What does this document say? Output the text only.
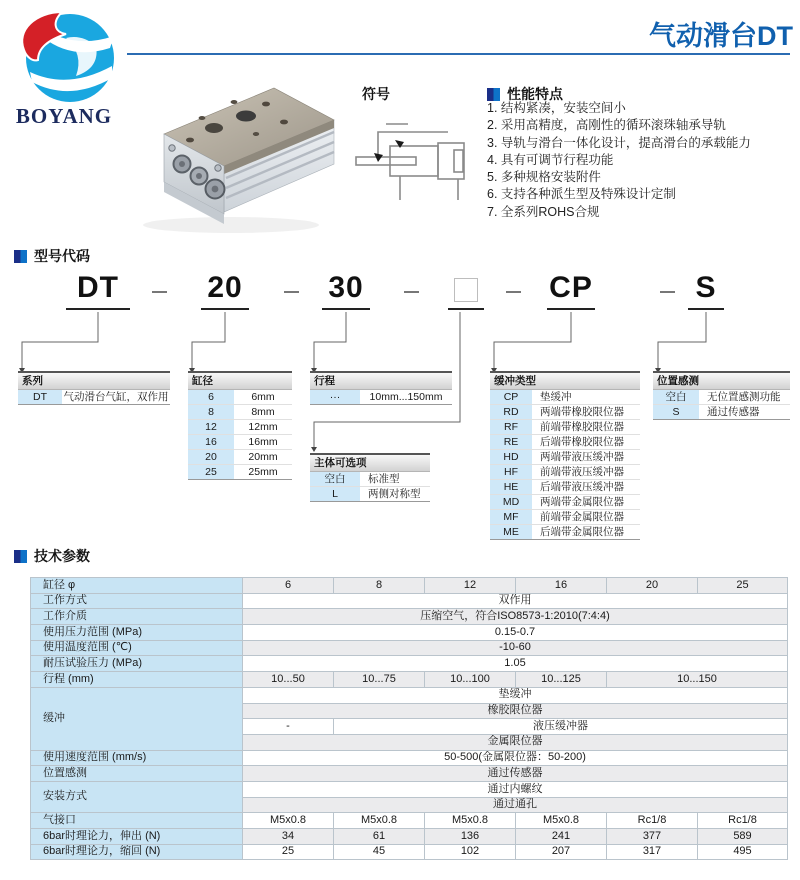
BOYANG
气动滑台DT
符号	性能特点
1. 结构紧凑，安装空间小
2. 采用高精度，高刚性的循环滚珠轴承导轨
3. 导轨与滑台一体化设计，提高滑台的承载能力
4. 具有可调节行程功能
5. 多种规格安装附件
6. 支持各种派生型及特殊设计定制
7. 全系列ROHS合规
型号代码
DT	20	30	CP	S
系列
DT	气动滑台气缸，双作用
缸径
6	6mm
8	8mm
12	12mm
16	16mm
20	20mm
25	25mm
行程
···	10mm...150mm
主体可选项
空白	标准型
L	两侧对称型
缓冲类型
CP	垫缓冲
RD	两端带橡胶限位器
RF	前端带橡胶限位器
RE	后端带橡胶限位器
HD	两端带液压缓冲器
HF	前端带液压缓冲器
HE	后端带液压缓冲器
MD	两端带金属限位器
MF	前端带金属限位器
ME	后端带金属限位器
位置感测
空白	无位置感测功能
S	通过传感器
技术参数
缸径 φ	6	8	12	16	20	25
工作方式	双作用					
工作介质	压缩空气，符合ISO8573-1:2010(7:4:4)					
使用压力范围 (MPa)	0.15-0.7					
使用温度范围 (℃)	-10-60					
耐压试验压力 (MPa)	1.05					
行程 (mm)	10...50	10...75	10...100	10...125	10...150	
缓冲	垫缓冲					
	橡胶限位器					
	-	液压缓冲器				
	金属限位器					
使用速度范围 (mm/s)	50-500(金属限位器：50-200)					
位置感测	通过传感器					
安装方式	通过内螺纹					
	通过通孔					
气接口	M5x0.8	M5x0.8	M5x0.8	M5x0.8	Rc1/8	Rc1/8
6bar时理论力，伸出 (N)	34	61	136	241	377	589
6bar时理论力，缩回 (N)	25	45	102	207	317	495
